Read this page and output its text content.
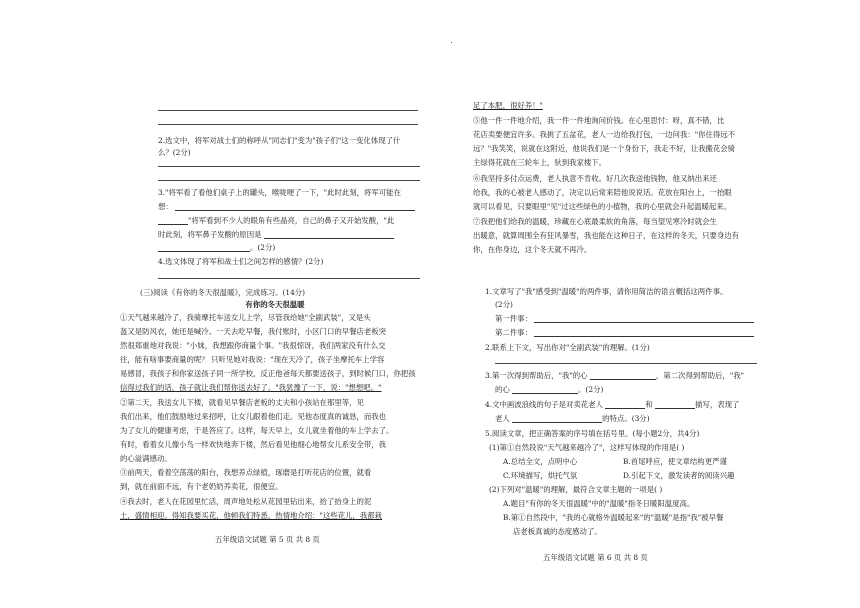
2.选文中，将军对战士们的称呼从"同志们"变为"孩子们"这一变化体现了什
么？(2分)
3."将军看了看他们桌子上的罐头，喉咙哽了一下，"此时此刻，将军可能在
想：
"将军看到不少人的眼角有些晶亮，自己的鼻子又开始发酸，"此
时此刻，将军鼻子发酸的原因是
。(2分)
4.选文体现了将军和战士们之间怎样的感情？(2分)
(三)阅读《有你的冬天很温暖》，完成练习。(14分)
有你的冬天很温暖
①天气越来越冷了，我骑摩托车送女儿上学，尽管我给她"全副武装"，又是头
盔又是防风衣，她还是喊冷。一天去吃早餐，我付账时，小区门口的早餐店老板突
然很郑重地对我说："小妹，我想跟你商量个事。"我很惊讶，我们两家没有什么交
往，能有啥事要商量的呢？ 只听见她对我说："现在天冷了，孩子坐摩托车上学容
易感冒，我孩子和你家送孩子同一所学校，反正他爸每天都要送孩子，到时候门口，你把孩
信得过我们的话，孩子就让我们帮你送去好了。"我犹豫了一下，说："想想吧。"
②第二天，我送女儿下楼，就看见早餐店老板的丈夫和小孩站在那里等，见
我们出来，他们鼓励地过来招呼，让女儿跟着他们走。见他态度真的诚恳，而我也
为了女儿的健康考虑，于是答应了。这样，每天早上，女儿就坐着他的车上学去了。
有时，看着女儿像小鸟一样欢快地奔下楼，然后看见他细心地帮女儿系安全带，我
的心溢满感动。
③前两天，看着空荡荡的阳台，我想养点绿植，琢磨是打听花店的位置，就看
到，就在前面不远，有个老奶奶养卖花，很便宜。
④我去时，老人在花园里忙活，周声地处松从花园里钻出来，抬了抬身上的泥
土，盛情相迎。得知我要买花，他顿我们特悉，热情地介绍："这些花儿，我都栽
五年级语文试题 第 5 页 共 8 页
足了本肥，很好养！"
⑤他一件一件地介绍，我一件一件地询问价钱。在心里思忖：呀，真不错，比
花店卖要便宜许多。我挑了五盆花，老人一边给我打包，一边问我："你住得远不
远？"我笑笑，说就在这附近，他说我们是一个身份下，我走不好，让我搬花会骑
主绿得花就在三轮车上，驮到我家楼下。
⑥我坚持多付点运费，老人执意不肯收。好几次我送他钱物，他又纳出来还
给我，我的心被老人感动了，决定以后常来陪他说说话。花放在阳台上，一抬眼
就可以看见，只要眼里"见"过这些绿色的小植物，我的心里就会升起温暖起来。
⑦我把他们给我的温暖，珍藏在心底最柔软的角落，每当望见寒冷时就会生
出暖意，就算周围全有狂风暴雪，我也能在这种日子，在这样的冬天，只要身边有
你，在你身边，这个冬天就不再冷。
1.文章写了"我"感受到"温暖"的两件事，请你用简洁的语言概括这两件事。
(2分)
第一件事：
第二件事：
2.联系上下文，写出你对"全副武装"的理解。(1分)
3.第一次得到帮助后，"我"的心	，第二次得到帮助后，"我"
的心	。(2分)
4.文中画波浪线的句子是对卖花老人	和	描写，表现了
老人	的特点。(3分)
5.阅读文章，把正确答案的序号填在括号里。(每小题2分，共4分)
(1)第①自然段说"天气越来越冷了"，这样写体现的作用是( )
A.总结全文，点明中心	B.首尾呼应，使文章结构更严谨
C.环境描写，烘托气氛	D.引起下文，激发读者的阅读兴趣
(2)下列对"温暖"的理解，最符合文章主题的一项是( )
A.题目"有你的冬天很温暖"中的"温暖"指冬日暖阳温度高。
B.第①自然段中，"我的心就格外温暖起来"的"温暖"是指"我"被早餐
店老板真诚的态度感动了。
五年级语文试题 第 6 页 共 8 页
